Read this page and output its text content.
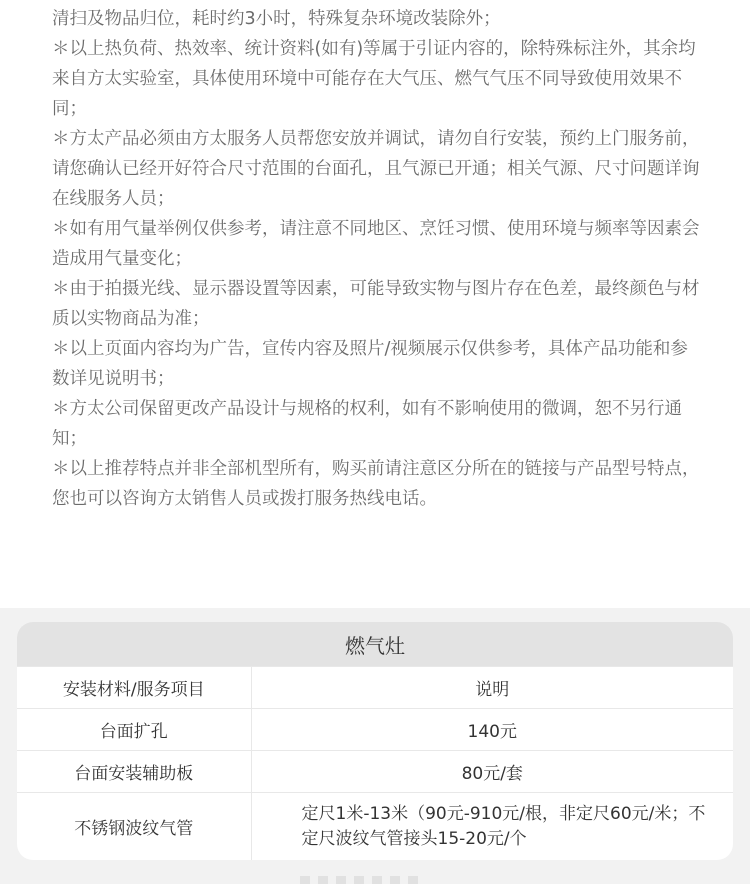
清扫及物品归位，耗时约3小时，特殊复杂环境改装除外；

＊以上热负荷、热效率、统计资料(如有)等属于引证内容的，除特殊标注外，其余均来自方太实验室，具体使用环境中可能存在大气压、燃气气压不同导致使用效果不同；

＊方太产品必须由方太服务人员帮您安放并调试，请勿自行安装，预约上门服务前，请您确认已经开好符合尺寸范围的台面孔，且气源已开通；相关气源、尺寸问题详询在线服务人员；

＊如有用气量举例仅供参考，请注意不同地区、烹饪习惯、使用环境与频率等因素会造成用气量变化；

＊由于拍摄光线、显示器设置等因素，可能导致实物与图片存在色差，最终颜色与材质以实物商品为准；

＊以上页面内容均为广告，宣传内容及照片/视频展示仅供参考，具体产品功能和参数详见说明书；

＊方太公司保留更改产品设计与规格的权利，如有不影响使用的微调，恕不另行通知；

＊以上推荐特点并非全部机型所有，购买前请注意区分所在的链接与产品型号特点，您也可以咨询方太销售人员或拨打服务热线电话。

燃气灶
安装材料/服务项目	说明
台面扩孔	140元
台面安装辅助板	80元/套
不锈钢波纹气管	定尺1米-13米（90元-910元/根，非定尺60元/米；不定尺波纹气管接头15-20元/个
